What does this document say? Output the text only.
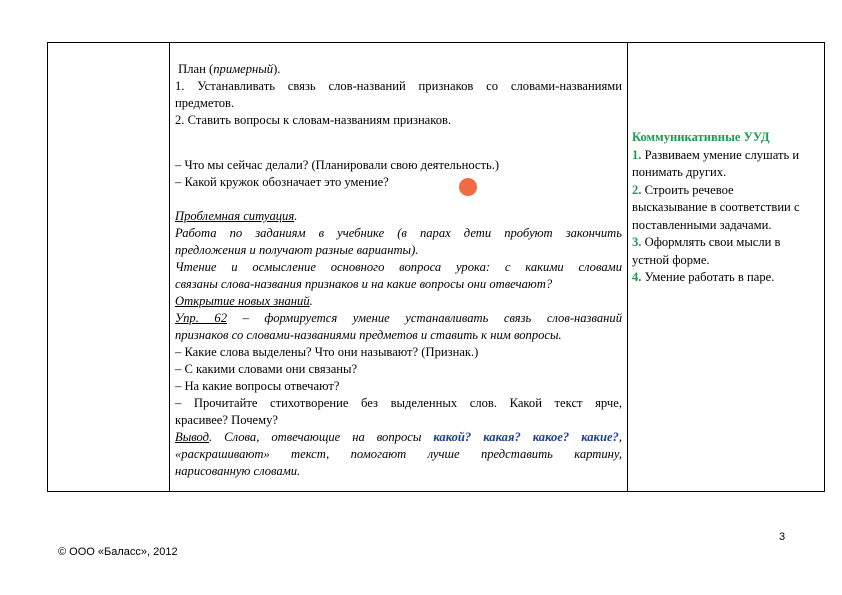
План (примерный).
1. Устанавливать связь слов-названий признаков со словами-названиями
предметов.
2. Ставить вопросы к словам-названиям признаков.
– Что мы сейчас делали? (Планировали свою деятельность.)
– Какой кружок обозначает это умение?
Проблемная ситуация.
Работа по заданиям в учебнике (в парах дети пробуют закончить
предложения и получают разные варианты).
Чтение и осмысление основного вопроса урока: с какими словами
связаны слова-названия признаков и на какие вопросы они отвечают?
Открытие новых знаний.
Упр. 62 – формируется умение устанавливать связь слов-названий
признаков со словами-названиями предметов и ставить к ним вопросы.
– Какие слова выделены? Что они называют? (Признак.)
– С какими словами они связаны?
– На какие вопросы отвечают?
– Прочитайте стихотворение без выделенных слов. Какой текст ярче,
красивее? Почему?
Вывод. Слова, отвечающие на вопросы какой? какая? какое? какие?,
«раскрашивают» текст, помогают лучше представить картину,
нарисованную словами.
Коммуникативные УУД
1. Развиваем умение слушать и
понимать других.
2. Строить речевое
высказывание в соответствии с
поставленными задачами.
3. Оформлять свои мысли в
устной форме.
4. Умение работать в паре.
3
© ООО «Баласс», 2012
